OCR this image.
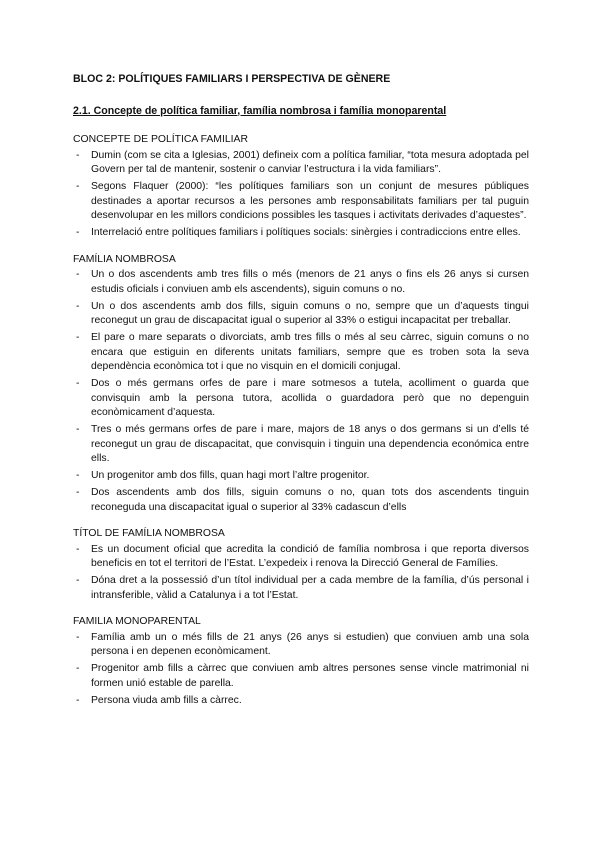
BLOC 2: POLÍTIQUES FAMILIARS I PERSPECTIVA DE GÈNERE
2.1. Concepte de política familiar, família nombrosa i família monoparental
CONCEPTE DE POLÍTICA FAMILIAR
- Dumin (com se cita a Iglesias, 2001) defineix com a política familiar, “tota mesura adoptada pel Govern per tal de mantenir, sostenir o canviar l’estructura i la vida familiars”.
- Segons Flaquer (2000): “les polítiques familiars son un conjunt de mesures públiques destinades a aportar recursos a les persones amb responsabilitats familiars per tal puguin desenvolupar en les millors condicions possibles les tasques i activitats derivades d’aquestes”.
- Interrelació entre polítiques familiars i polítiques socials: sinèrgies i contradiccions entre elles.
FAMÍLIA NOMBROSA
- Un o dos ascendents amb tres fills o més (menors de 21 anys o fins els 26 anys si cursen estudis oficials i conviuen amb els ascendents), siguin comuns o no.
- Un o dos ascendents amb dos fills, siguin comuns o no, sempre que un d’aquests tingui reconegut un grau de discapacitat igual o superior al 33% o estigui incapacitat per treballar.
- El pare o mare separats o divorciats, amb tres fills o més al seu càrrec, siguin comuns o no encara que estiguin en diferents unitats familiars, sempre que es troben sota la seva dependència econòmica tot i que no visquin en el domicili conjugal.
- Dos o més germans orfes de pare i mare sotmesos a tutela, acolliment o guarda que convisquin amb la persona tutora, acollida o guardadora però que no depenguin econòmicament d’aquesta.
- Tres o més germans orfes de pare i mare, majors de 18 anys o dos germans si un d’ells té reconegut un grau de discapacitat, que convisquin i tinguin una dependencia económica entre ells.
- Un progenitor amb dos fills, quan hagi mort l’altre progenitor.
- Dos ascendents amb dos fills, siguin comuns o no, quan tots dos ascendents tinguin reconeguda una discapacitat igual o superior al 33% cadascun d’ells
TÍTOL DE FAMÍLIA NOMBROSA
- Es un document oficial que acredita la condició de família nombrosa i que reporta diversos beneficis en tot el territori de l’Estat. L’expedeix i renova la Direcció General de Famílies.
- Dóna dret a la possessió d’un títol individual per a cada membre de la família, d’ús personal i intransferible, vàlid a Catalunya i a tot l’Estat.
FAMILIA MONOPARENTAL
- Família amb un o més fills de 21 anys (26 anys si estudien) que conviuen amb una sola persona i en depenen econòmicament.
- Progenitor amb fills a càrrec que conviuen amb altres persones sense vincle matrimonial ni formen unió estable de parella.
- Persona viuda amb fills a càrrec.
